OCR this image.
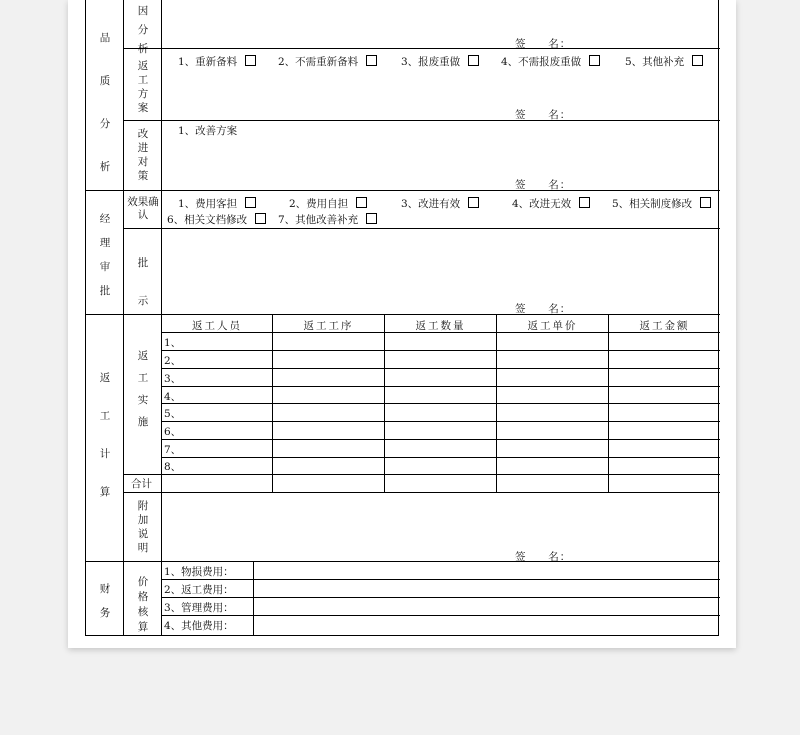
品质分析
因分析	签     名：
返工方案
1、重新备料	2、不需重新备料	3、报废重做	4、不需报废重做	5、其他补充
签     名：
改进对策
1、改善方案
签     名：
经理审批
效果确认
1、费用客担	2、费用自担	3、改进有效	4、改进无效	5、相关制度修改
6、相关文档修改	7、其他改善补充
批示
签     名：
返工计算
返工实施
返工人员	返工工序	返工数量	返工单价	返工金额
1、
2、
3、
4、
5、
6、
7、
8、
合计
附加说明
签     名：
财务
价格核算
1、物损费用：
2、返工费用：
3、管理费用：
4、其他费用：
